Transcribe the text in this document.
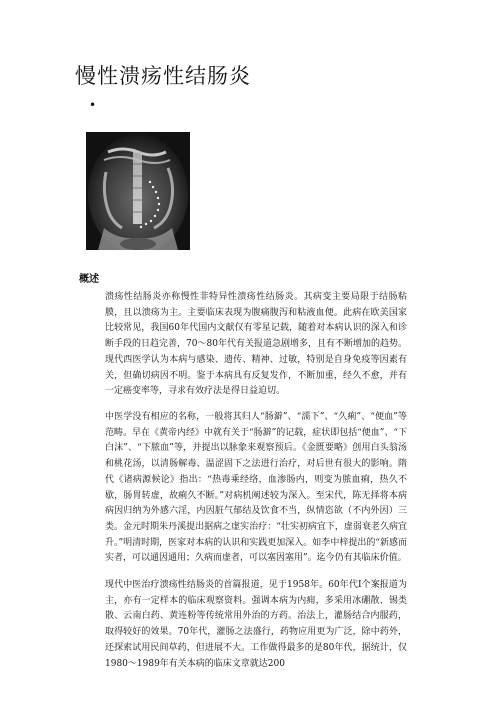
慢性溃疡性结肠炎
•
概述

溃疡性结肠炎亦称慢性非特异性溃疡性结肠炎。其病变主要局限于结肠粘膜，且以溃疡为主。主要临床表现为腹痛腹泻和粘液血便。此病在欧美国家比较常见，我国60年代国内文献仅有零星记载，随着对本病认识的深入和诊断手段的日趋完善，70～80年代有关报道急剧增多，且有不断增加的趋势。现代西医学认为本病与感染、遗传、精神、过敏，特别是自身免疫等因素有关，但确切病因不明。鉴于本病具有反复发作，不断加重，经久不愈，并有一定癌变率等，寻求有效疗法是得日益迫切。

中医学没有相应的名称，一般将其归人“肠澼”、“濡下”、“久痢”、“便血”等范畴。早在《黄帝内经》中就有关于“肠澼”的记载，症状即包括“便血”、“下白沫”、“下脓血”等，并提出以脉象来观察预后。《金匮要略》创用白头翁汤和桃花汤，以清肠解毒、温涩固下之法进行治疗，对后世有很大的影响。隋代《诸病源候论》指出：“热毒乘经络，血渗肠内，则变为脓血痢，热久不歇，肠胃转虚，故痢久不断。”对病机阐述较为深入。至宋代，陈无择将本病病因归纳为外感六淫，内因脏气郁结及饮食不当，纵情恣欲（不内外因）三类。金元时期朱丹溪提出据病之虚实治疗：“壮实初病宜下，虚弱衰老久病宜升。”明清时期，医家对本病的认识和实践更加深入。如李中梓提出的“新感而实者，可以通因通用；久病而虚者，可以塞因塞用”。迄今仍有其临床价值。

现代中医治疗溃疡性结肠炎的首篇报道，见于1958年。60年代Ⅰ个案报道为主，亦有一定样本的临床观察资料。强调本病为内痈，多采用冰硼散、锡类散、云南白药、黄连粉等传统常用外治的方药。治法上，灌肠结合内服药，取得较好的效果。70年代，灌肠之法盛行，药物应用更为广泛，除中药外，还探索试用民间草药，但进展不大。工作做得最多的是80年代，据统计，仅1980～1989年有关本病的临床文章就达200
